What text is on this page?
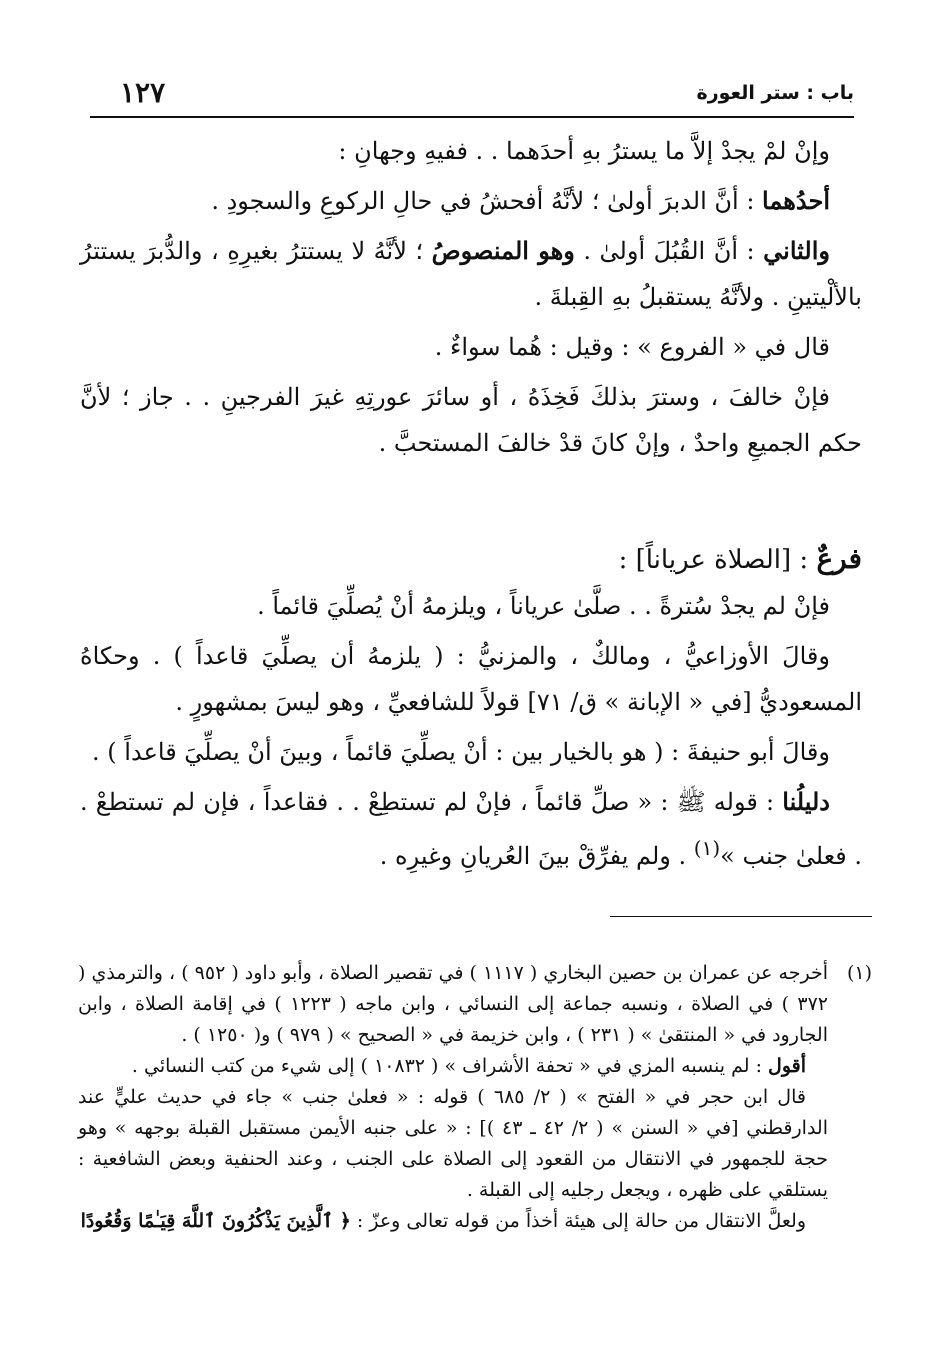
باب : ستر العورة
١٢٧

وإنْ لمْ يجدْ إلاَّ ما يسترُ بهِ أحدَهما . . ففيهِ وجهانِ :

أحدُهما : أنَّ الدبرَ أولىٰ ؛ لأنَّهُ أفحشُ في حالِ الركوعِ والسجودِ .

والثاني : أنَّ القُبُلَ أولىٰ . وهو المنصوصُ ؛ لأنَّهُ لا يستترُ بغيرِهِ ، والدُّبرَ يستترُ بالألْيتينِ . ولأنَّهُ يستقبلُ بهِ القِبلةَ .

قال في « الفروع » : وقيل : هُما سواءٌ .

فإنْ خالفَ ، وسترَ بذلكَ فَخِذَهُ ، أو سائرَ عورتِهِ غيرَ الفرجينِ . . جاز ؛ لأنَّ حكم الجميعِ واحدٌ ، وإنْ كانَ قدْ خالفَ المستحبَّ .

فرعٌ : [الصلاة عرياناً] :

فإنْ لم يجدْ سُترةً . . صلَّىٰ عرياناً ، ويلزمهُ أنْ يُصلِّيَ قائماً .

وقالَ الأوزاعيُّ ، ومالكٌ ، والمزنيُّ : ( يلزمهُ أن يصلِّيَ قاعداً ) . وحكاهُ المسعوديُّ [في « الإبانة » ق/ ٧١] قولاً للشافعيِّ ، وهو ليسَ بمشهورٍ .

وقالَ أبو حنيفةَ : ( هو بالخيار بين : أنْ يصلِّيَ قائماً ، وبينَ أنْ يصلِّيَ قاعداً ) .

دليلُنا : قوله ﷺ : « صلِّ قائماً ، فإنْ لم تستطِعْ . . فقاعداً ، فإن لم تستطعْ . . فعلىٰ جنب »$^{(١)}$ . ولم يفرِّقْ بينَ العُريانِ وغيرِه .

(١)

أخرجه عن عمران بن حصين البخاري ( ١١١٧ ) في تقصير الصلاة ، وأبو داود ( ٩٥٢ ) ، والترمذي ( ٣٧٢ ) في الصلاة ، ونسبه جماعة إلى النسائي ، وابن ماجه ( ١٢٢٣ ) في إقامة الصلاة ، وابن الجارود في « المنتقىٰ » ( ٢٣١ ) ، وابن خزيمة في « الصحيح » ( ٩٧٩ ) و( ١٢٥٠ ) .

أقول : لم ينسبه المزي في « تحفة الأشراف » ( ١٠٨٣٢ ) إلى شيء من كتب النسائي .

قال ابن حجر في « الفتح » ( ٢/ ٦٨٥ ) قوله : « فعلىٰ جنب » جاء في حديث عليٍّ عند الدارقطني [في « السنن » ( ٢/ ٤٢ ـ ٤٣ )] : « على جنبه الأيمن مستقبل القبلة بوجهه » وهو حجة للجمهور في الانتقال من القعود إلى الصلاة على الجنب ، وعند الحنفية وبعض الشافعية : يستلقي على ظهره ، ويجعل رجليه إلى القبلة .

ولعلَّ الانتقال من حالة إلى هيئة أخذاً من قوله تعالى وعزّ : ﴿ ٱلَّذِينَ يَذْكُرُونَ ٱللَّهَ قِيَـٰمًا وَقُعُودًا
